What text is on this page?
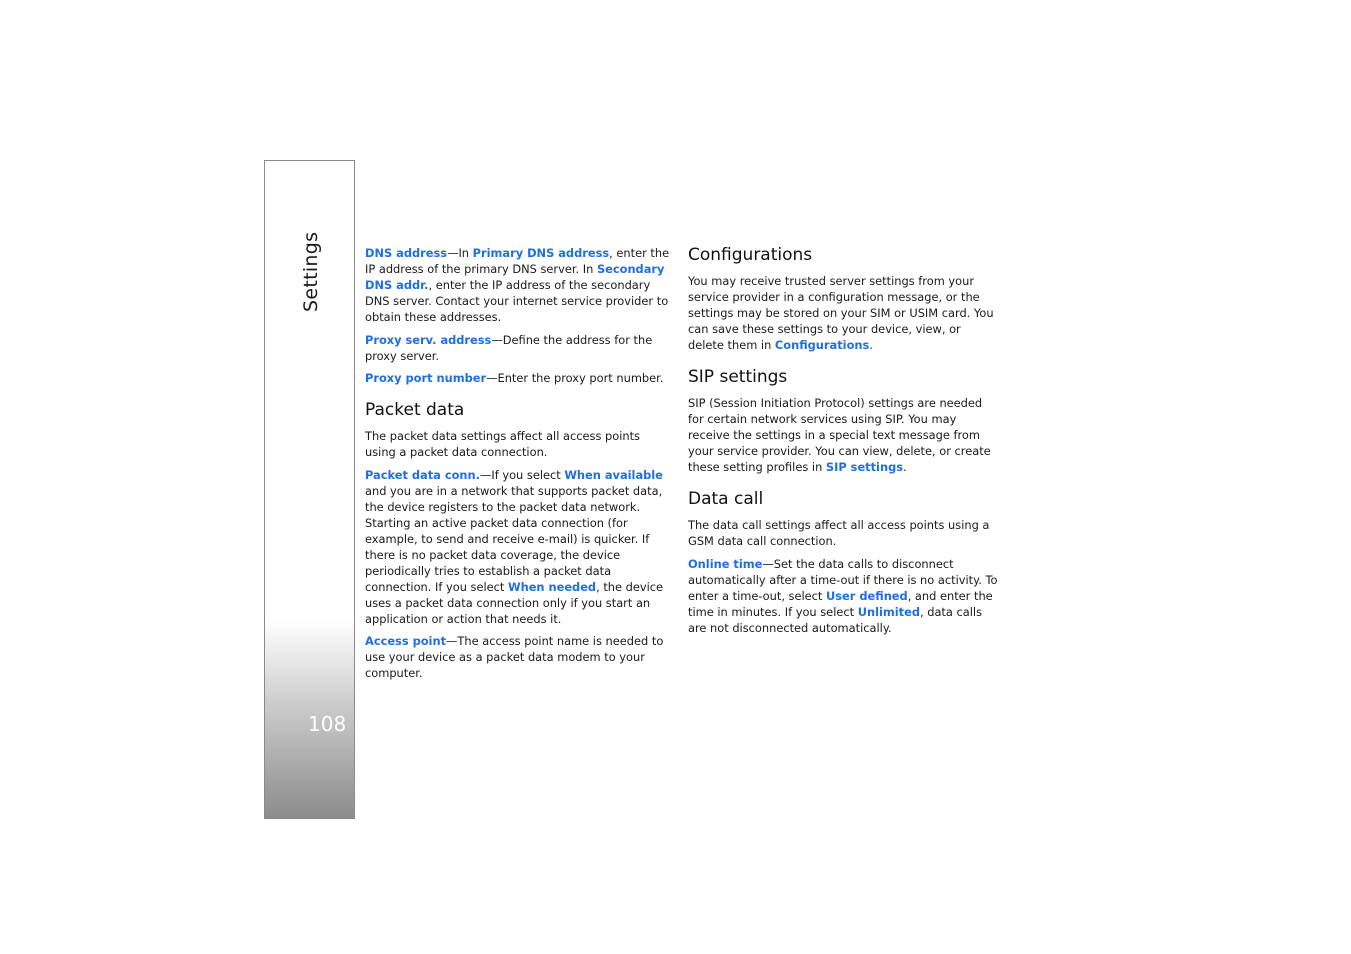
Settings
108

DNS address—In Primary DNS address, enter the IP address of the primary DNS server. In Secondary DNS addr., enter the IP address of the secondary DNS server. Contact your internet service provider to obtain these addresses.

Proxy serv. address—Define the address for the proxy server.

Proxy port number—Enter the proxy port number.

Packet data

The packet data settings affect all access points using a packet data connection.

Packet data conn.—If you select When available and you are in a network that supports packet data, the device registers to the packet data network. Starting an active packet data connection (for example, to send and receive e-mail) is quicker. If there is no packet data coverage, the device periodically tries to establish a packet data connection. If you select When needed, the device uses a packet data connection only if you start an application or action that needs it.

Access point—The access point name is needed to use your device as a packet data modem to your computer.

Configurations

You may receive trusted server settings from your service provider in a configuration message, or the settings may be stored on your SIM or USIM card. You can save these settings to your device, view, or delete them in Configurations.

SIP settings

SIP (Session Initiation Protocol) settings are needed for certain network services using SIP. You may receive the settings in a special text message from your service provider. You can view, delete, or create these setting profiles in SIP settings.

Data call

The data call settings affect all access points using a GSM data call connection.

Online time—Set the data calls to disconnect automatically after a time-out if there is no activity. To enter a time-out, select User defined, and enter the time in minutes. If you select Unlimited, data calls are not disconnected automatically.
